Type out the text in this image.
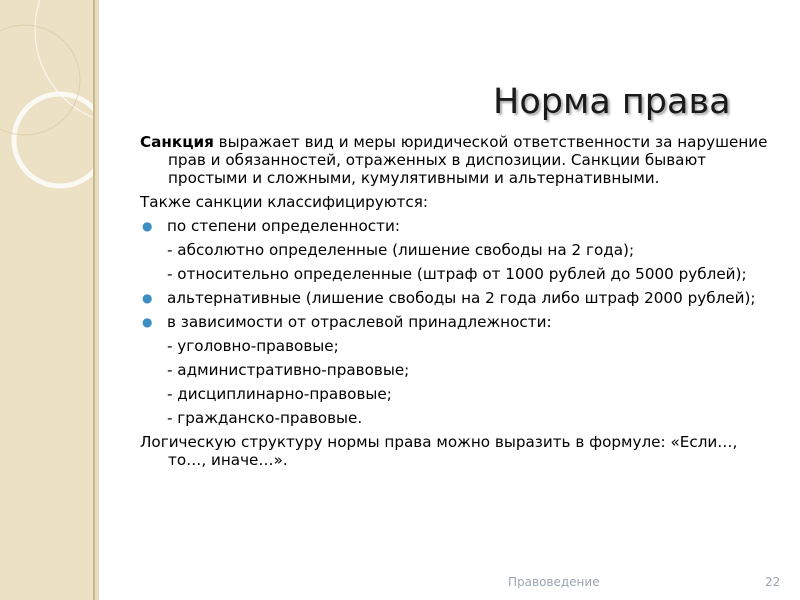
Норма права

Санкция выражает вид и меры юридической ответственности за нарушение прав и обязанностей, отраженных в диспозиции. Санкции бывают простыми и сложными, кумулятивными и альтернативными.

Также санкции классифицируются:

● по степени определенности:
- абсолютно определенные (лишение свободы на 2 года);
- относительно определенные (штраф от 1000 рублей до 5000 рублей);
● альтернативные (лишение свободы на 2 года либо штраф 2000 рублей);
● в зависимости от отраслевой принадлежности:
- уголовно-правовые;
- административно-правовые;
- дисциплинарно-правовые;
- гражданско-правовые.

Логическую структуру нормы права можно выразить в формуле: «Если…, то…, иначе…».

Правоведение	22
